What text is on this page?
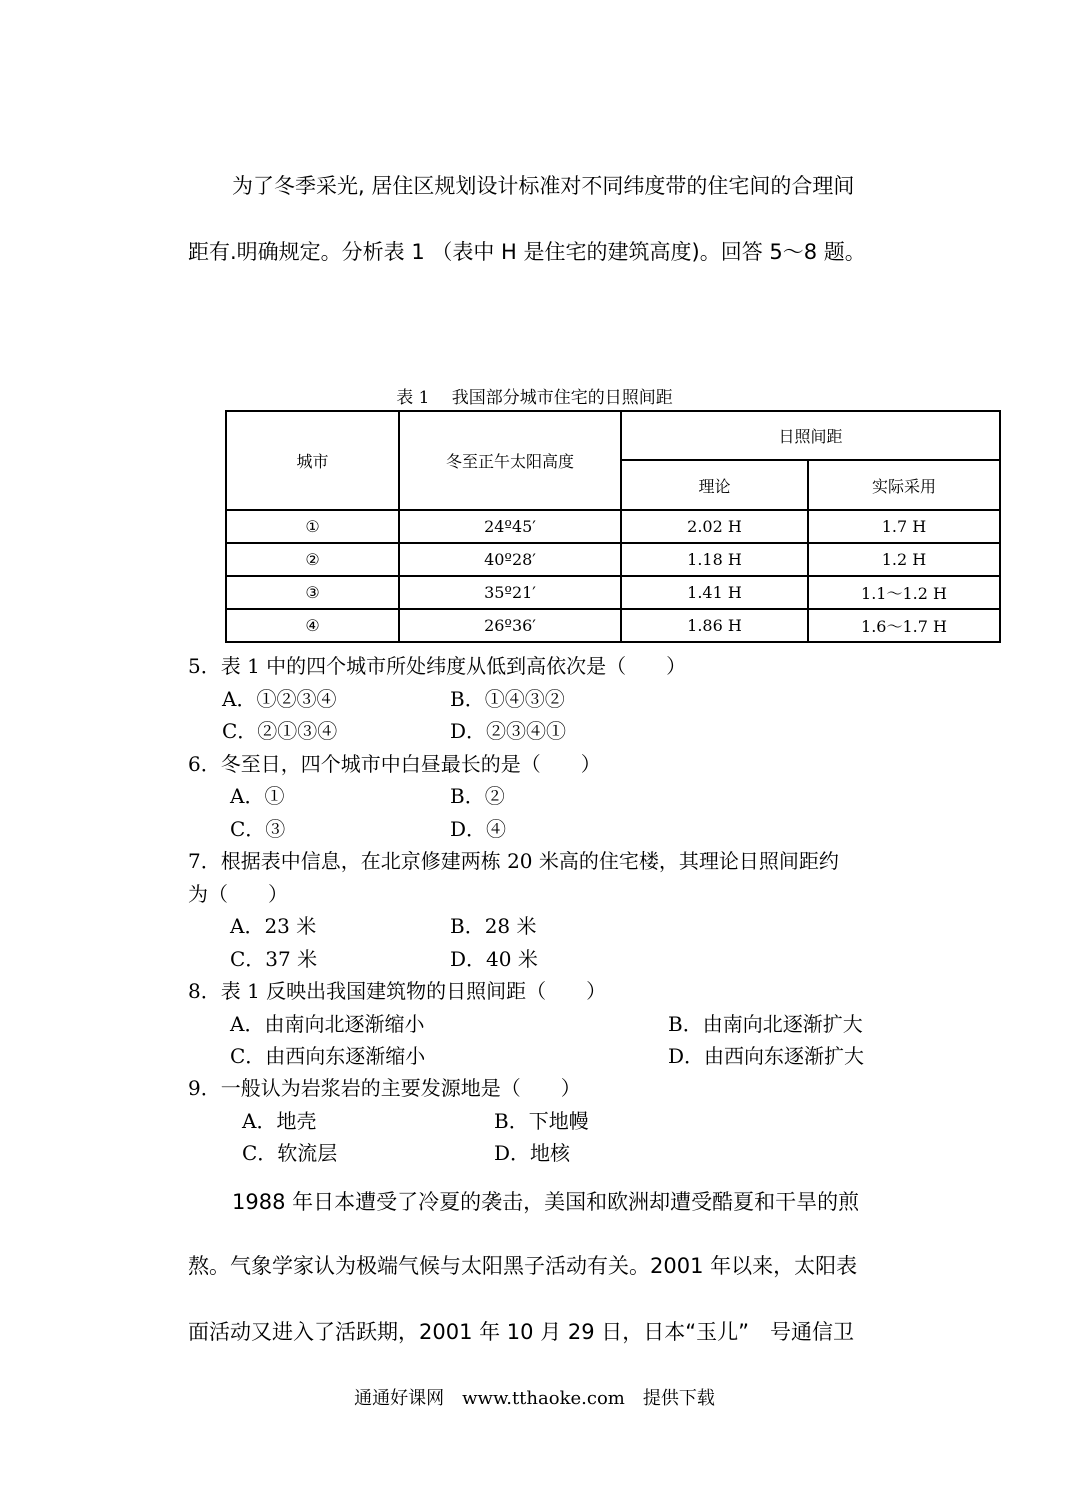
为了冬季采光, 居住区规划设计标准对不同纬度带的住宅间的合理间
距有.明确规定。分析表 1 （表中 H 是住宅的建筑高度)。回答 5～8 题。
表 1　 我国部分城市住宅的日照间距
城市	冬至正午太阳高度	日照间距	
		理论	实际采用
①	24º45′	2.02 H	1.7 H
②	40º28′	1.18 H	1.2 H
③	35º21′	1.41 H	1.1～1.2 H
④	26º36′	1.86 H	1.6～1.7 H
5．表 1 中的四个城市所处纬度从低到高依次是（　　）
A．①②③④	B．①④③②
C．②①③④	D．②③④①
6．冬至日，四个城市中白昼最长的是（　　）
A．①	B．②
C．③	D．④
7．根据表中信息，在北京修建两栋 20 米高的住宅楼，其理论日照间距约
为（　　）
A．23 米	B．28 米
C．37 米	D．40 米
8．表 1 反映出我国建筑物的日照间距（　　）
A．由南向北逐渐缩小	B．由南向北逐渐扩大
C．由西向东逐渐缩小	D．由西向东逐渐扩大
9．一般认为岩浆岩的主要发源地是（　　）
A．地壳	B．下地幔
C．软流层	D．地核
1988 年日本遭受了冷夏的袭击，美国和欧洲却遭受酷夏和干旱的煎
熬。气象学家认为极端气候与太阳黑子活动有关。2001 年以来，太阳表
面活动又进入了活跃期，2001 年 10 月 29 日，日本“玉儿”　号通信卫
通通好课网　www.tthaoke.com　提供下载
